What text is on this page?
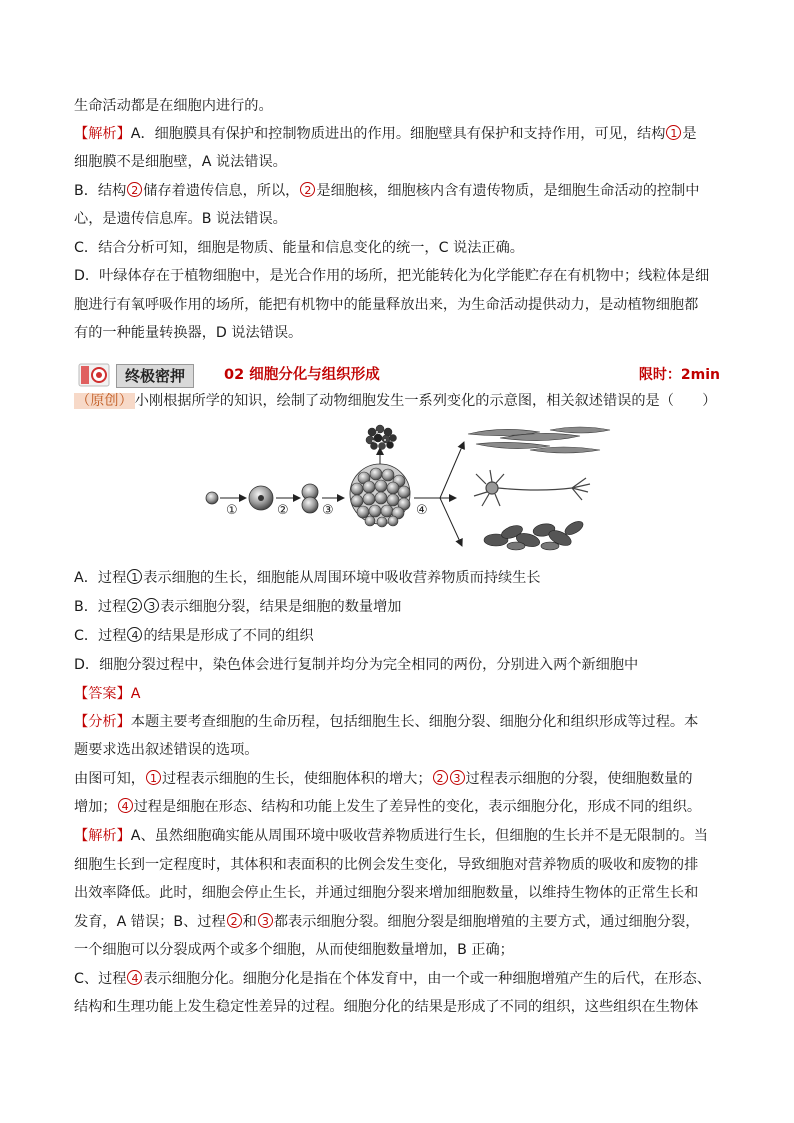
生命活动都是在细胞内进行的。
【解析】A．细胞膜具有保护和控制物质进出的作用。细胞壁具有保护和支持作用，可见，结构 1 是
细胞膜不是细胞壁，A 说法错误。
B．结构 2 储存着遗传信息，所以， 2 是细胞核，细胞核内含有遗传物质，是细胞生命活动的控制中
心，是遗传信息库。B 说法错误。
C．结合分析可知，细胞是物质、能量和信息变化的统一，C 说法正确。
D．叶绿体存在于植物细胞中，是光合作用的场所，把光能转化为化学能贮存在有机物中；线粒体是细
胞进行有氧呼吸作用的场所，能把有机物中的能量释放出来，为生命活动提供动力，是动植物细胞都
有的一种能量转换器，D 说法错误。
终极密押	02 细胞分化与组织形成	限时：2min
（原创） 小刚根据所学的知识，绘制了动物细胞发生一系列变化的示意图，相关叙述错误的是（　　）
①	②	③	④
A．过程 1 表示细胞的生长，细胞能从周围环境中吸收营养物质而持续生长
B．过程 2 3 表示细胞分裂，结果是细胞的数量增加
C．过程 4 的结果是形成了不同的组织
D．细胞分裂过程中，染色体会进行复制并均分为完全相同的两份，分别进入两个新细胞中
【答案】A
【分析】本题主要考查细胞的生命历程，包括细胞生长、细胞分裂、细胞分化和组织形成等过程。本
题要求选出叙述错误的选项。
由图可知， 1 过程表示细胞的生长，使细胞体积的增大； 2 3 过程表示细胞的分裂，使细胞数量的
增加； 4 过程是细胞在形态、结构和功能上发生了差异性的变化，表示细胞分化，形成不同的组织。
【解析】A、虽然细胞确实能从周围环境中吸收营养物质进行生长，但细胞的生长并不是无限制的。当
细胞生长到一定程度时，其体积和表面积的比例会发生变化，导致细胞对营养物质的吸收和废物的排
出效率降低。此时，细胞会停止生长，并通过细胞分裂来增加细胞数量，以维持生物体的正常生长和
发育，A 错误；B、过程 2 和 3 都表示细胞分裂。细胞分裂是细胞增殖的主要方式，通过细胞分裂，
一个细胞可以分裂成两个或多个细胞，从而使细胞数量增加，B 正确；
C、过程 4 表示细胞分化。细胞分化是指在个体发育中，由一个或一种细胞增殖产生的后代，在形态、
结构和生理功能上发生稳定性差异的过程。细胞分化的结果是形成了不同的组织，这些组织在生物体
